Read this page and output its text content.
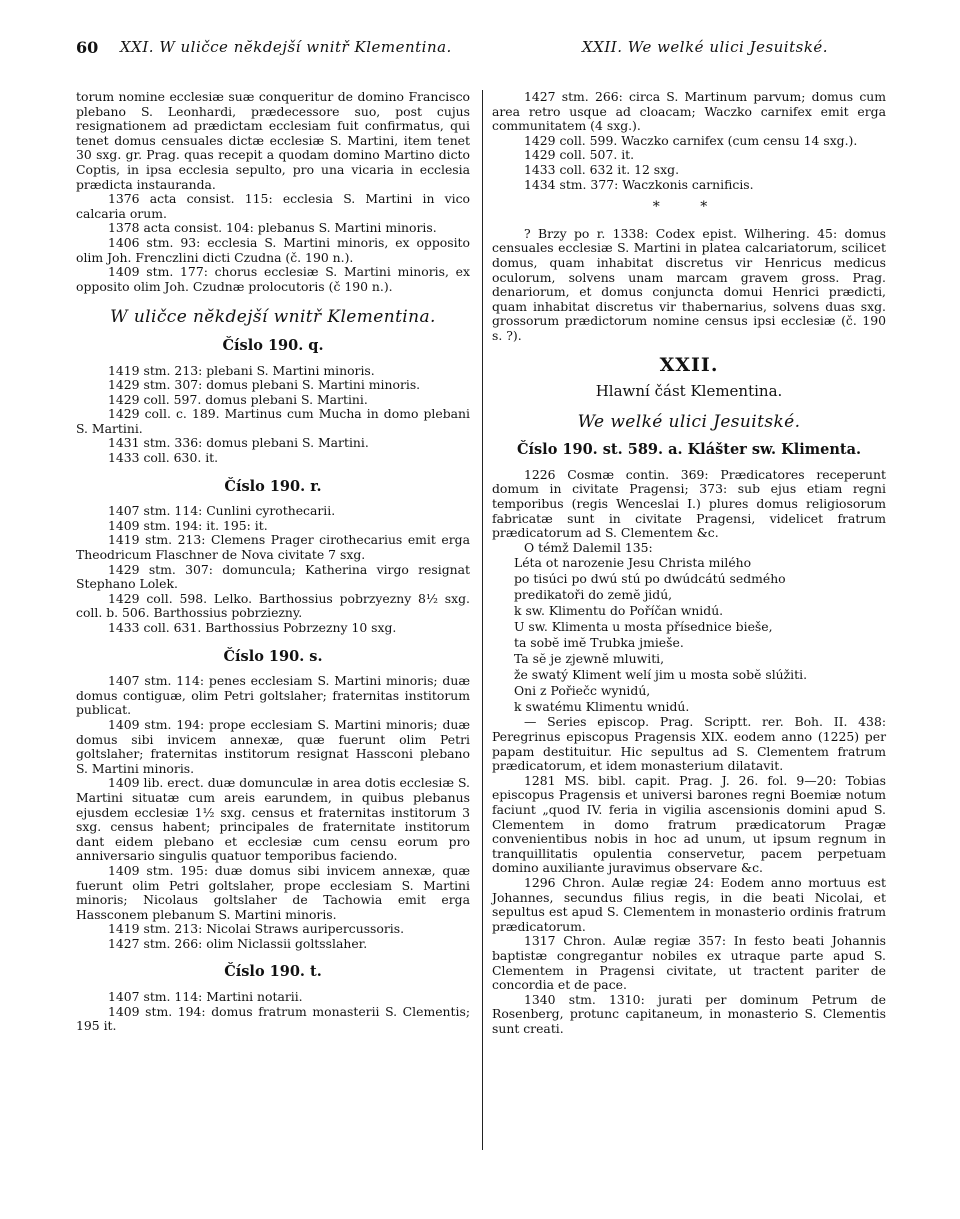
60 XXI. W uličce nĕkdejší wnitř Klementina.	XXII. We welké ulici Jesuitské.

torum nomine ecclesiæ suæ conqueritur de domino Francisco plebano S. Leonhardi, prædecessore suo, post cujus resignationem ad prædictam ecclesiam fuit confirmatus, qui tenet domus censuales dictæ ecclesiæ S. Martini, item tenet 30 sxg. gr. Prag. quas recepit a quodam domino Martino dicto Coptis, in ipsa ecclesia sepulto, pro una vicaria in ecclesia prædicta instauranda.

1376 acta consist. 115: ecclesia S. Martini in vico calcaria orum.

1378 acta consist. 104: plebanus S. Martini minoris.

1406 stm. 93: ecclesia S. Martini minoris, ex opposito olim Joh. Frenczlini dicti Czudna (č. 190 n.).

1409 stm. 177: chorus ecclesiæ S. Martini minoris, ex opposito olim Joh. Czudnæ prolocutoris (č 190 n.).

W uličce nĕkdejší wnitř Klementina.
Číslo 190. q.

1419 stm. 213: plebani S. Martini minoris.

1429 stm. 307: domus plebani S. Martini minoris.

1429 coll. 597. domus plebani S. Martini.

1429 coll. c. 189. Martinus cum Mucha in domo plebani S. Martini.

1431 stm. 336: domus plebani S. Martini.

1433 coll. 630. it.

Číslo 190. r.

1407 stm. 114: Cunlini cyrothecarii.

1409 stm. 194: it. 195: it.

1419 stm. 213: Clemens Prager cirothecarius emit erga Theodricum Flaschner de Nova civitate 7 sxg.

1429 stm. 307: domuncula; Katherina virgo resignat Stephano Lolek.

1429 coll. 598. Lelko. Barthossius pobrzyezny 8½ sxg. coll. b. 506. Barthossius pobrziezny.

1433 coll. 631. Barthossius Pobrzezny 10 sxg.

Číslo 190. s.

1407 stm. 114: penes ecclesiam S. Martini minoris; duæ domus contiguæ, olim Petri goltslaher; fraternitas institorum publicat.

1409 stm. 194: prope ecclesiam S. Martini minoris; duæ domus sibi invicem annexæ, quæ fuerunt olim Petri goltslaher; fraternitas institorum resignat Hassconi plebano S. Martini minoris.

1409 lib. erect. duæ domunculæ in area dotis ecclesiæ S. Martini situatæ cum areis earundem, in quibus plebanus ejusdem ecclesiæ 1½ sxg. census et fraternitas institorum 3 sxg. census habent; principales de fraternitate institorum dant eidem plebano et ecclesiæ cum censu eorum pro anniversario singulis quatuor temporibus faciendo.

1409 stm. 195: duæ domus sibi invicem annexæ, quæ fuerunt olim Petri goltslaher, prope ecclesiam S. Martini minoris; Nicolaus goltslaher de Tachowia emit erga Hassconem plebanum S. Martini minoris.

1419 stm. 213: Nicolai Straws auripercussoris.

1427 stm. 266: olim Niclassii goltsslaher.

Číslo 190. t.

1407 stm. 114: Martini notarii.

1409 stm. 194: domus fratrum monasterii S. Clementis; 195 it.

1427 stm. 266: circa S. Martinum parvum; domus cum area retro usque ad cloacam; Waczko carnifex emit erga communitatem (4 sxg.).

1429 coll. 599. Waczko carnifex (cum censu 14 sxg.).

1429 coll. 507. it.

1433 coll. 632 it. 12 sxg.

1434 stm. 377: Waczkonis carnificis.

* *

? Brzy po r. 1338: Codex epist. Wilhering. 45: domus censuales ecclesiæ S. Martini in platea calcariatorum, scilicet domus, quam inhabitat discretus vir Henricus medicus oculorum, solvens unam marcam gravem gross. Prag. denariorum, et domus conjuncta domui Henrici prædicti, quam inhabitat discretus vir thabernarius, solvens duas sxg. grossorum prædictorum nomine census ipsi ecclesiæ (č. 190 s. ?).

XXII.
Hlawní část Klementina.
We welké ulici Jesuitské.
Číslo 190. st. 589. a. Klášter sw. Klimenta.

1226 Cosmæ contin. 369: Prædicatores receperunt domum in civitate Pragensi; 373: sub ejus etiam regni temporibus (regis Wenceslai I.) plures domus religiosorum fabricatæ sunt in civitate Pragensi, videlicet fratrum prædicatorum ad S. Clementem &c.

O témž Dalemil 135:

Léta ot narozenie Jesu Christa milého
po tisúci po dwú stú po dwúdcátú sedmého
predikatoři do zemĕ jidú,
k sw. Klimentu do Poříčan wnidú.
U sw. Klimenta u mosta přísednice bieše,
ta sobĕ imĕ Trubka jmieše.
Ta sĕ je zjewnĕ mluwiti,
že swatý Kliment welí jim u mosta sobĕ slúžiti.
Oni z Pořiečc wynidú,
k swatému Klimentu wnidú.

— Series episcop. Prag. Scriptt. rer. Boh. II. 438: Peregrinus episcopus Pragensis XIX. eodem anno (1225) per papam destituitur. Hic sepultus ad S. Clementem fratrum prædicatorum, et idem monasterium dilatavit.

1281 MS. bibl. capit. Prag. J. 26. fol. 9—20: Tobias episcopus Pragensis et universi barones regni Boemiæ notum faciunt „quod IV. feria in vigilia ascensionis domini apud S. Clementem in domo fratrum prædicatorum Pragæ convenientibus nobis in hoc ad unum, ut ipsum regnum in tranquillitatis opulentia conservetur, pacem perpetuam domino auxiliante juravimus observare &c.

1296 Chron. Aulæ regiæ 24: Eodem anno mortuus est Johannes, secundus filius regis, in die beati Nicolai, et sepultus est apud S. Clementem in monasterio ordinis fratrum prædicatorum.

1317 Chron. Aulæ regiæ 357: In festo beati Johannis baptistæ congregantur nobiles ex utraque parte apud S. Clementem in Pragensi civitate, ut tractent pariter de concordia et de pace.

1340 stm. 1310: jurati per dominum Petrum de Rosenberg, protunc capitaneum, in monasterio S. Clementis sunt creati.
